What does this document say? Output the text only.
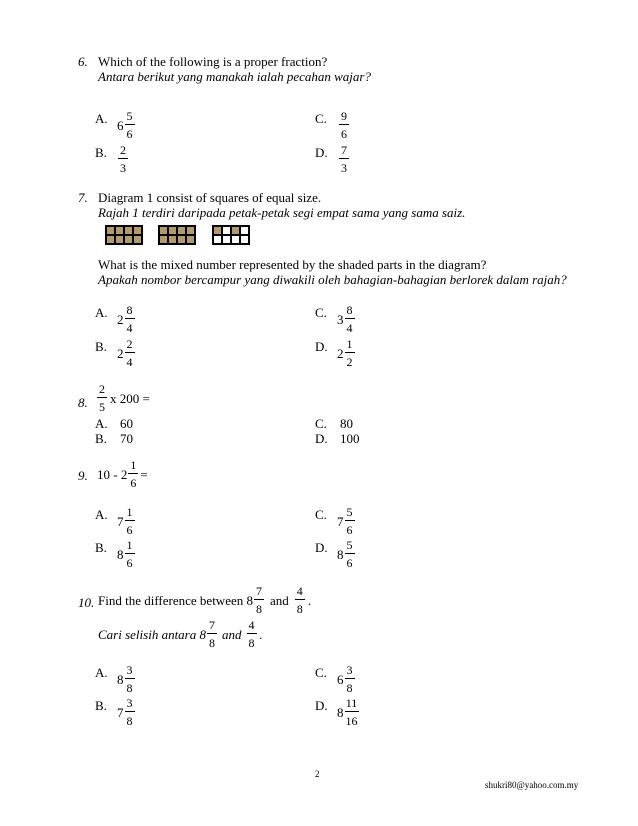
6. Which of the following is a proper fraction?
Antara berikut yang manakah ialah pecahan wajar?
A. 6
5
6
B. 2
3
C. 9
6
D. 7
3
7. Diagram 1 consist of squares of equal size.
Rajah 1 terdiri daripada petak-petak segi empat sama yang sama saiz.
What is the mixed number represented by the shaded parts in the diagram?
Apakah nombor bercampur yang diwakili oleh bahagian-bahagian berlorek dalam rajah?
A. 2
8
4
B. 2
2
4
C. 3
8
4
D. 2
1
2
8.
2
5
x 200 =
A. 60
B. 70
C. 80
D. 100
9. 10 - 2
1
6
=
A. 7
1
6
B. 8
1
6
C. 7
5
6
D. 8
5
6
10. Find the difference between 8
7
8
and
4
8
.
Cari selisih antara 8
7
8
and
4
8
.
A. 8
3
8
B. 7
3
8
C. 6
3
8
D. 8
11
16
2
shukri80@yahoo.com.my
